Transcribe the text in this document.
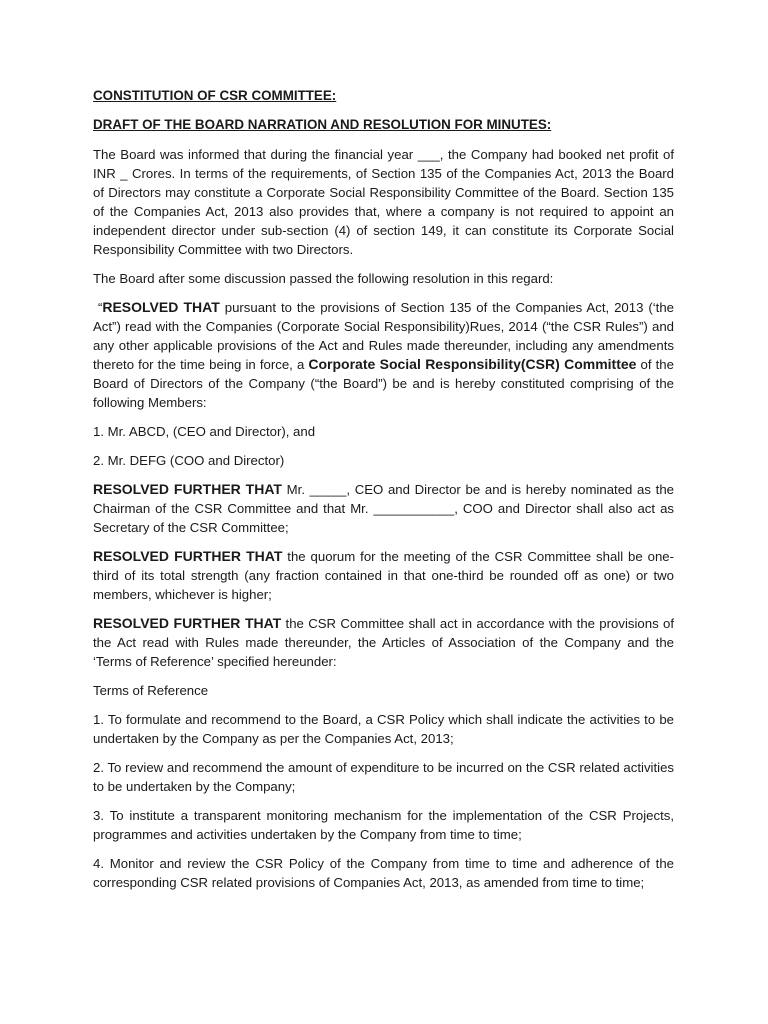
CONSTITUTION OF CSR COMMITTEE:
DRAFT OF THE BOARD NARRATION AND RESOLUTION FOR MINUTES:

The Board was informed that during the financial year ___, the Company had booked net profit of INR _ Crores. In terms of the requirements, of Section 135 of the Companies Act, 2013 the Board of Directors may constitute a Corporate Social Responsibility Committee of the Board. Section 135 of the Companies Act, 2013 also provides that, where a company is not required to appoint an independent director under sub-section (4) of section 149, it can constitute its Corporate Social Responsibility Committee with two Directors.

The Board after some discussion passed the following resolution in this regard:

“RESOLVED THAT pursuant to the provisions of Section 135 of the Companies Act, 2013 (‘the Act”) read with the Companies (Corporate Social Responsibility)Rues, 2014 (“the CSR Rules”) and any other applicable provisions of the Act and Rules made thereunder, including any amendments thereto for the time being in force, a Corporate Social Responsibility(CSR) Committee of the Board of Directors of the Company (“the Board”) be and is hereby constituted comprising of the following Members:

1. Mr. ABCD, (CEO and Director), and

2. Mr. DEFG (COO and Director)

RESOLVED FURTHER THAT Mr. _____, CEO and Director be and is hereby nominated as the Chairman of the CSR Committee and that Mr. ___________, COO and Director shall also act as Secretary of the CSR Committee;

RESOLVED FURTHER THAT the quorum for the meeting of the CSR Committee shall be one-third of its total strength (any fraction contained in that one-third be rounded off as one) or two members, whichever is higher;

RESOLVED FURTHER THAT the CSR Committee shall act in accordance with the provisions of the Act read with Rules made thereunder, the Articles of Association of the Company and the ‘Terms of Reference’ specified hereunder:

Terms of Reference

1. To formulate and recommend to the Board, a CSR Policy which shall indicate the activities to be undertaken by the Company as per the Companies Act, 2013;

2. To review and recommend the amount of expenditure to be incurred on the CSR related activities to be undertaken by the Company;

3. To institute a transparent monitoring mechanism for the implementation of the CSR Projects, programmes and activities undertaken by the Company from time to time;

4. Monitor and review the CSR Policy of the Company from time to time and adherence of the corresponding CSR related provisions of Companies Act, 2013, as amended from time to time;
